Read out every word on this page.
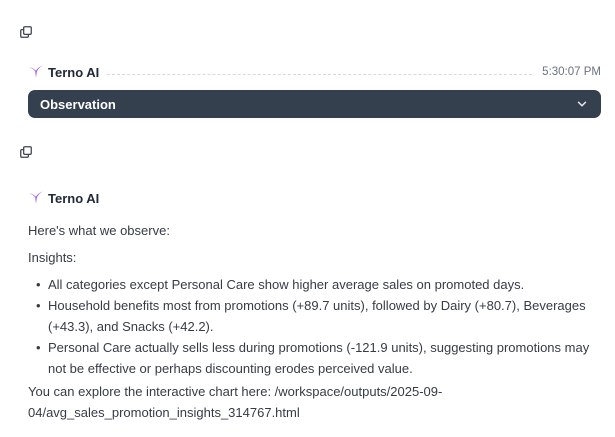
Terno AI	5:30:07 PM
Observation
Terno AI

Here's what we observe:

Insights:

• All categories except Personal Care show higher average sales on promoted days.
• Household benefits most from promotions (+89.7 units), followed by Dairy (+80.7), Beverages (+43.3), and Snacks (+42.2).
• Personal Care actually sells less during promotions (-121.9 units), suggesting promotions may not be effective or perhaps discounting erodes perceived value.

You can explore the interactive chart here: /workspace/outputs/2025-09-04/avg_sales_promotion_insights_314767.html
